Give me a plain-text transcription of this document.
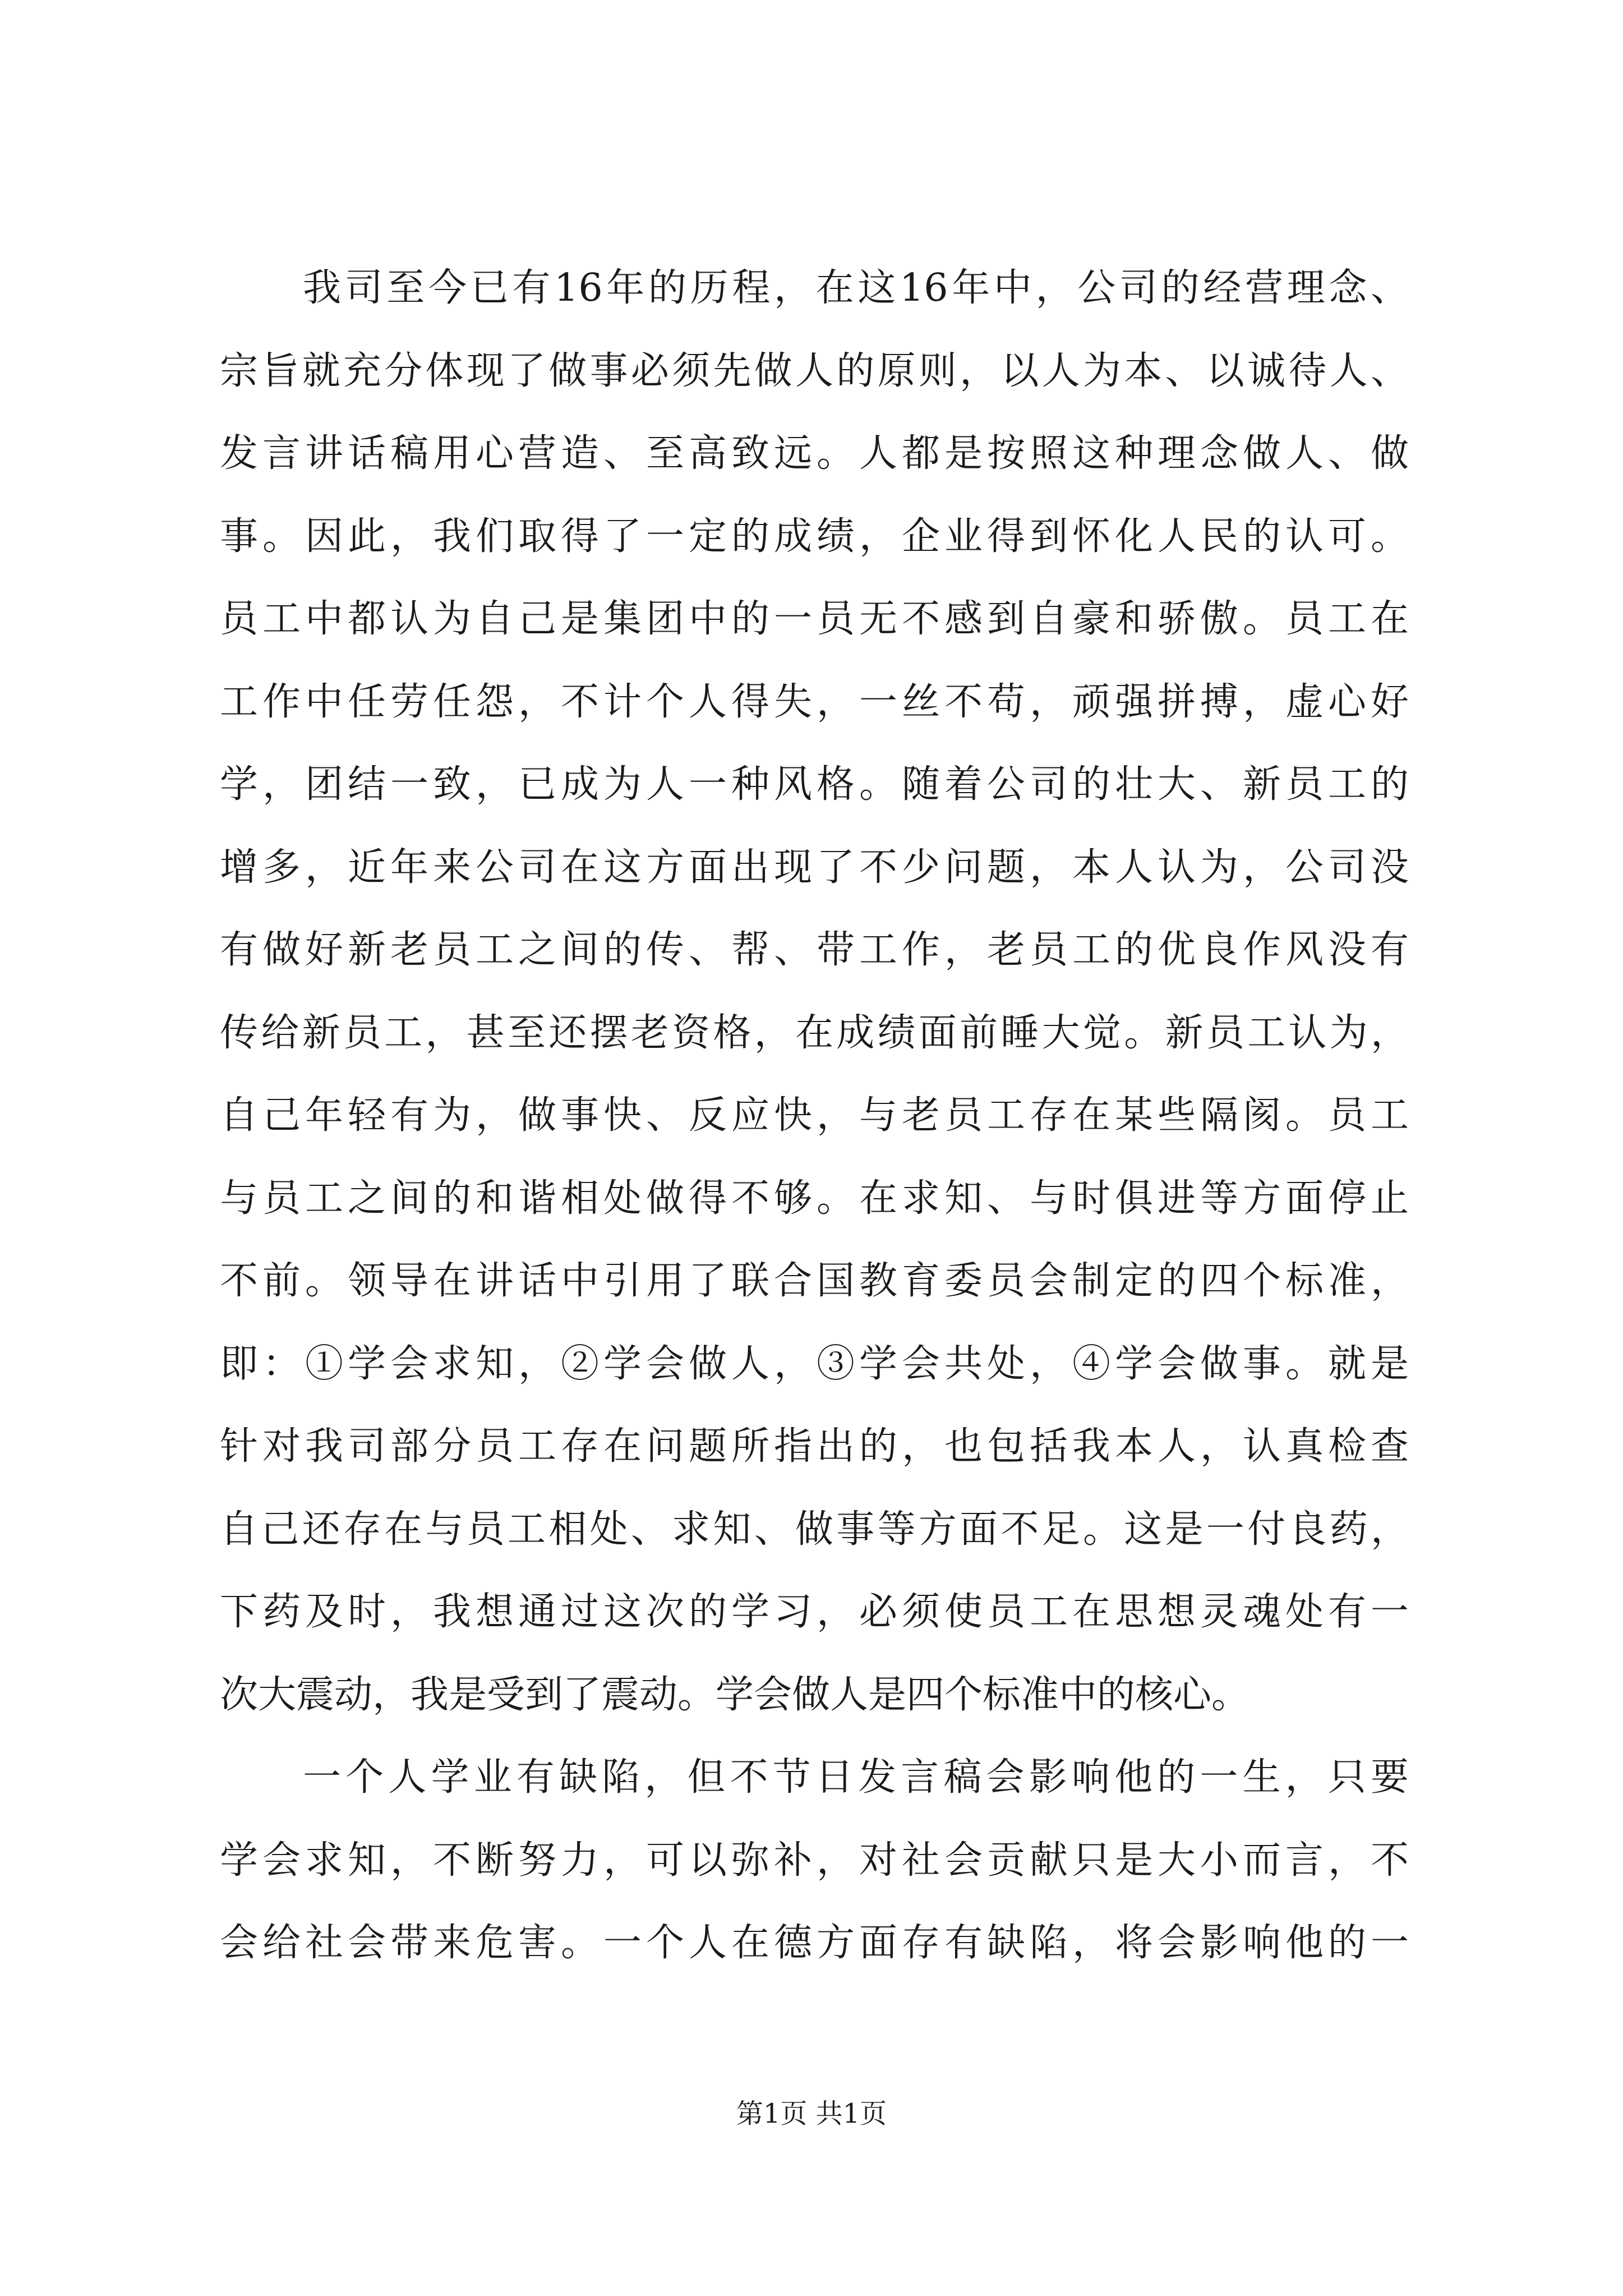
我司至今已有16年的历程，在这16年中，公司的经营理念、
宗旨就充分体现了做事必须先做人的原则，以人为本、以诚待人、
发言讲话稿用心营造、至高致远。人都是按照这种理念做人、做
事。因此，我们取得了一定的成绩，企业得到怀化人民的认可。
员工中都认为自己是集团中的一员无不感到自豪和骄傲。员工在
工作中任劳任怨，不计个人得失，一丝不苟，顽强拼搏，虚心好
学，团结一致，已成为人一种风格。随着公司的壮大、新员工的
增多，近年来公司在这方面出现了不少问题，本人认为，公司没
有做好新老员工之间的传、帮、带工作，老员工的优良作风没有
传给新员工，甚至还摆老资格，在成绩面前睡大觉。新员工认为，
自己年轻有为，做事快、反应快，与老员工存在某些隔阂。员工
与员工之间的和谐相处做得不够。在求知、与时俱进等方面停止
不前。领导在讲话中引用了联合国教育委员会制定的四个标准，
即：①学会求知，②学会做人，③学会共处，④学会做事。就是
针对我司部分员工存在问题所指出的，也包括我本人，认真检查
自己还存在与员工相处、求知、做事等方面不足。这是一付良药，
下药及时，我想通过这次的学习，必须使员工在思想灵魂处有一
次大震动，我是受到了震动。学会做人是四个标准中的核心。
一个人学业有缺陷，但不节日发言稿会影响他的一生，只要
学会求知，不断努力，可以弥补，对社会贡献只是大小而言，不
会给社会带来危害。一个人在德方面存有缺陷，将会影响他的一
第1页 共1页
